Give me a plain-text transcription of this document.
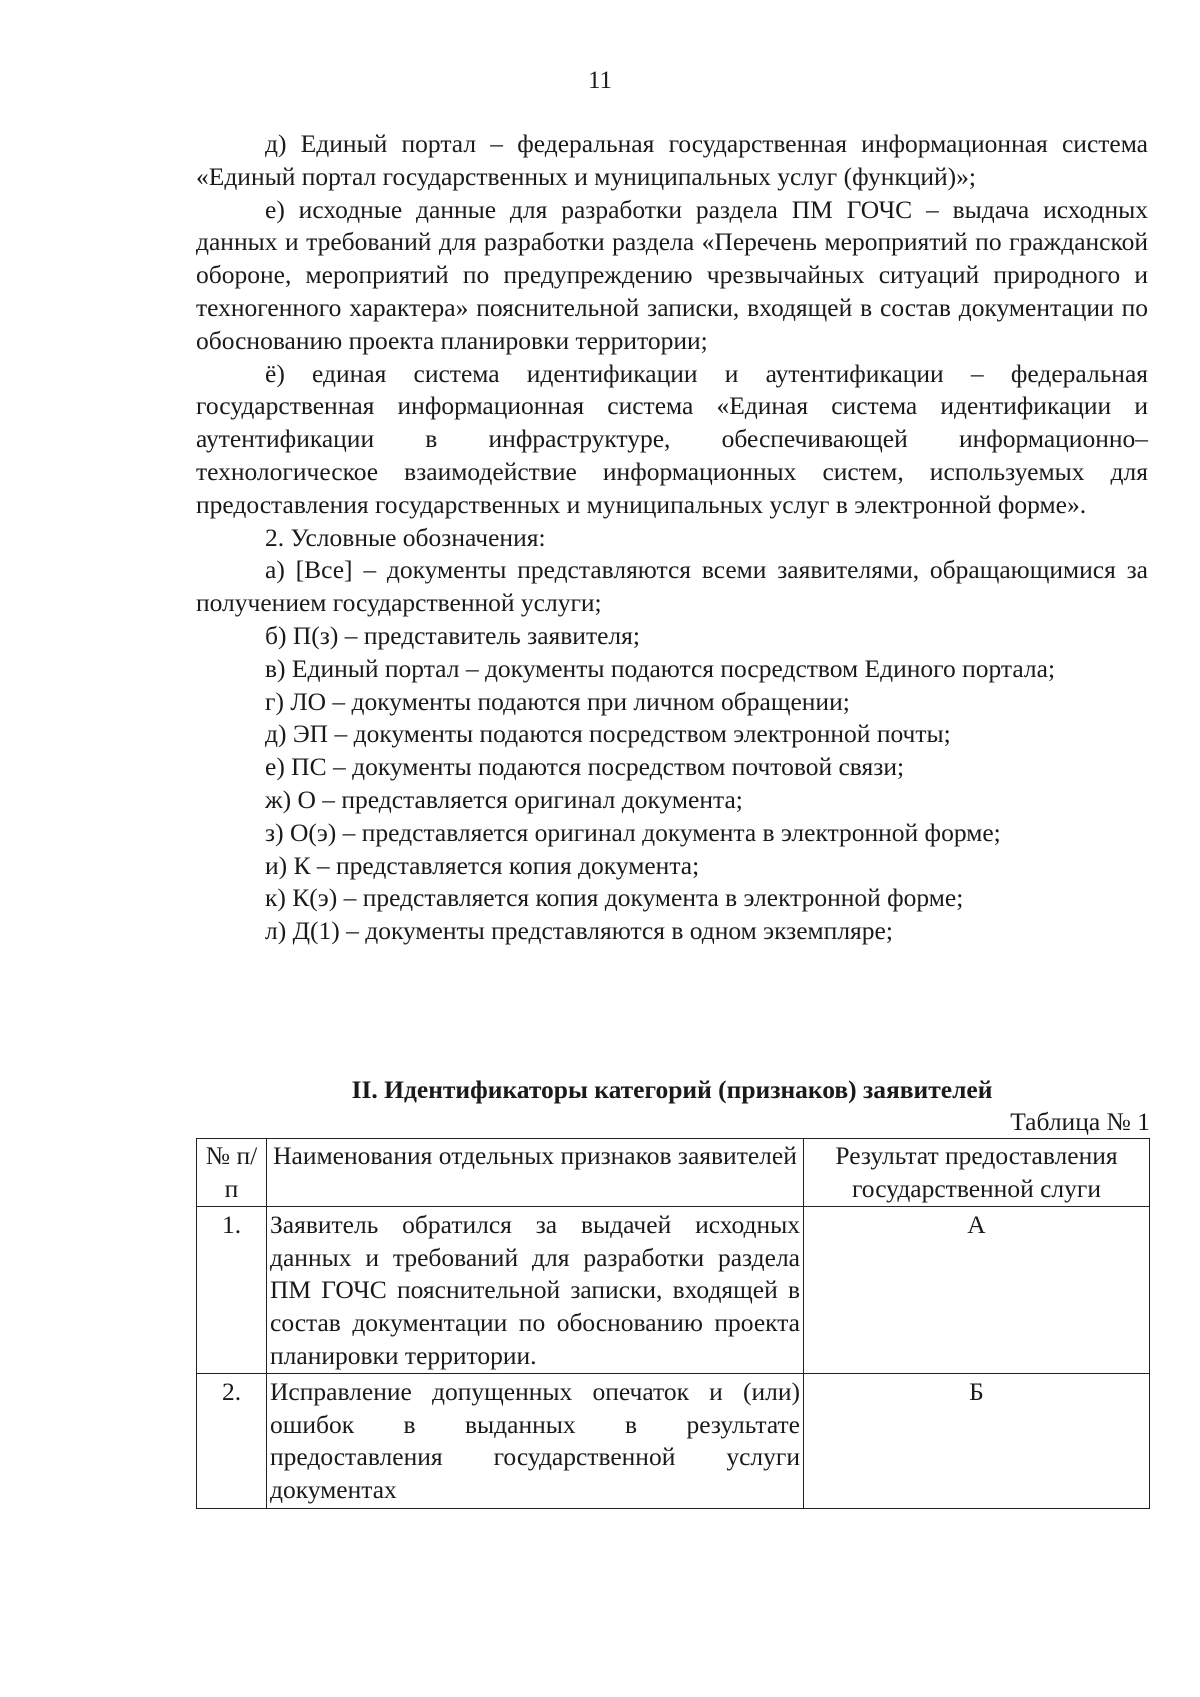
11

д) Единый портал – федеральная государственная информационная система «Единый портал государственных и муниципальных услуг (функций)»;

е) исходные данные для разработки раздела ПМ ГОЧС – выдача исходных данных и требований для разработки раздела «Перечень мероприятий по гражданской обороне, мероприятий по предупреждению чрезвычайных ситуаций природного и техногенного характера» пояснительной записки, входящей в состав документации по обоснованию проекта планировки территории;

ё) единая система идентификации и аутентификации – федеральная государственная информационная система «Единая система идентификации и аутентификации в инфраструктуре, обеспечивающей информационно–технологическое взаимодействие информационных систем, используемых для предоставления государственных и муниципальных услуг в электронной форме».

2. Условные обозначения:

а) [Все] – документы представляются всеми заявителями, обращающимися за получением государственной услуги;

б) П(з) – представитель заявителя;

в) Единый портал – документы подаются посредством Единого портала;

г) ЛО – документы подаются при личном обращении;

д) ЭП – документы подаются посредством электронной почты;

е) ПС – документы подаются посредством почтовой связи;

ж) О – представляется оригинал документа;

з) О(э) – представляется оригинал документа в электронной форме;

и) К – представляется копия документа;

к) К(э) – представляется копия документа в электронной форме;

л) Д(1) – документы представляются в одном экземпляре;

II. Идентификаторы категорий (признаков) заявителей
Таблица № 1
№ п/п	Наименования отдельных признаков заявителей	Результат предоставления государственной слуги
1.	Заявитель обратился за выдачей исходных данных и требований для разработки раздела ПМ ГОЧС пояснительной записки, входящей в состав документации по обоснованию проекта планировки территории.	А
2.	Исправление допущенных опечаток и (или) ошибок в выданных в результате предоставления государственной услуги документах	Б
